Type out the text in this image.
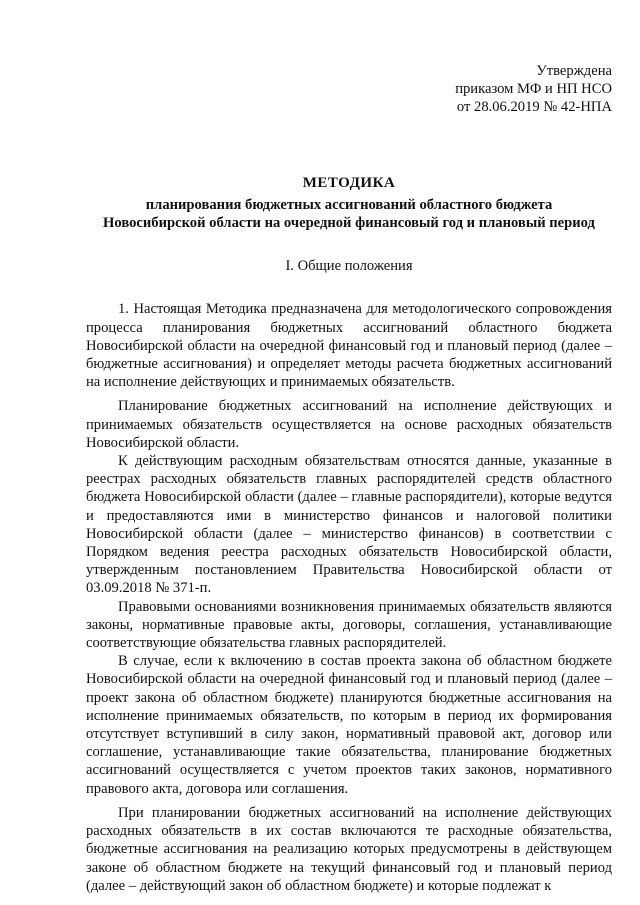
Утверждена
приказом МФ и НП НСО
от 28.06.2019 № 42-НПА
МЕТОДИКА
планирования бюджетных ассигнований областного бюджета
Новосибирской области на очередной финансовый год и плановый период
I. Общие положения

1. Настоящая Методика предназначена для методологического сопровождения процесса планирования бюджетных ассигнований областного бюджета Новосибирской области на очередной финансовый год и плановый период (далее – бюджетные ассигнования) и определяет методы расчета бюджетных ассигнований на исполнение действующих и принимаемых обязательств.

Планирование бюджетных ассигнований на исполнение действующих и принимаемых обязательств осуществляется на основе расходных обязательств Новосибирской области.

К действующим расходным обязательствам относятся данные, указанные в реестрах расходных обязательств главных распорядителей средств областного бюджета Новосибирской области (далее – главные распорядители), которые ведутся и предоставляются ими в министерство финансов и налоговой политики Новосибирской области (далее – министерство финансов) в соответствии с Порядком ведения реестра расходных обязательств Новосибирской области, утвержденным постановлением Правительства Новосибирской области от 03.09.2018 № 371-п.

Правовыми основаниями возникновения принимаемых обязательств являются законы, нормативные правовые акты, договоры, соглашения, устанавливающие соответствующие обязательства главных распорядителей.

В случае, если к включению в состав проекта закона об областном бюджете Новосибирской области на очередной финансовый год и плановый период (далее – проект закона об областном бюджете) планируются бюджетные ассигнования на исполнение принимаемых обязательств, по которым в период их формирования отсутствует вступивший в силу закон, нормативный правовой акт, договор или соглашение, устанавливающие такие обязательства, планирование бюджетных ассигнований осуществляется с учетом проектов таких законов, нормативного правового акта, договора или соглашения.

При планировании бюджетных ассигнований на исполнение действующих расходных обязательств в их состав включаются те расходные обязательства, бюджетные ассигнования на реализацию которых предусмотрены в действующем законе об областном бюджете на текущий финансовый год и плановый период (далее – действующий закон об областном бюджете) и которые подлежат к
